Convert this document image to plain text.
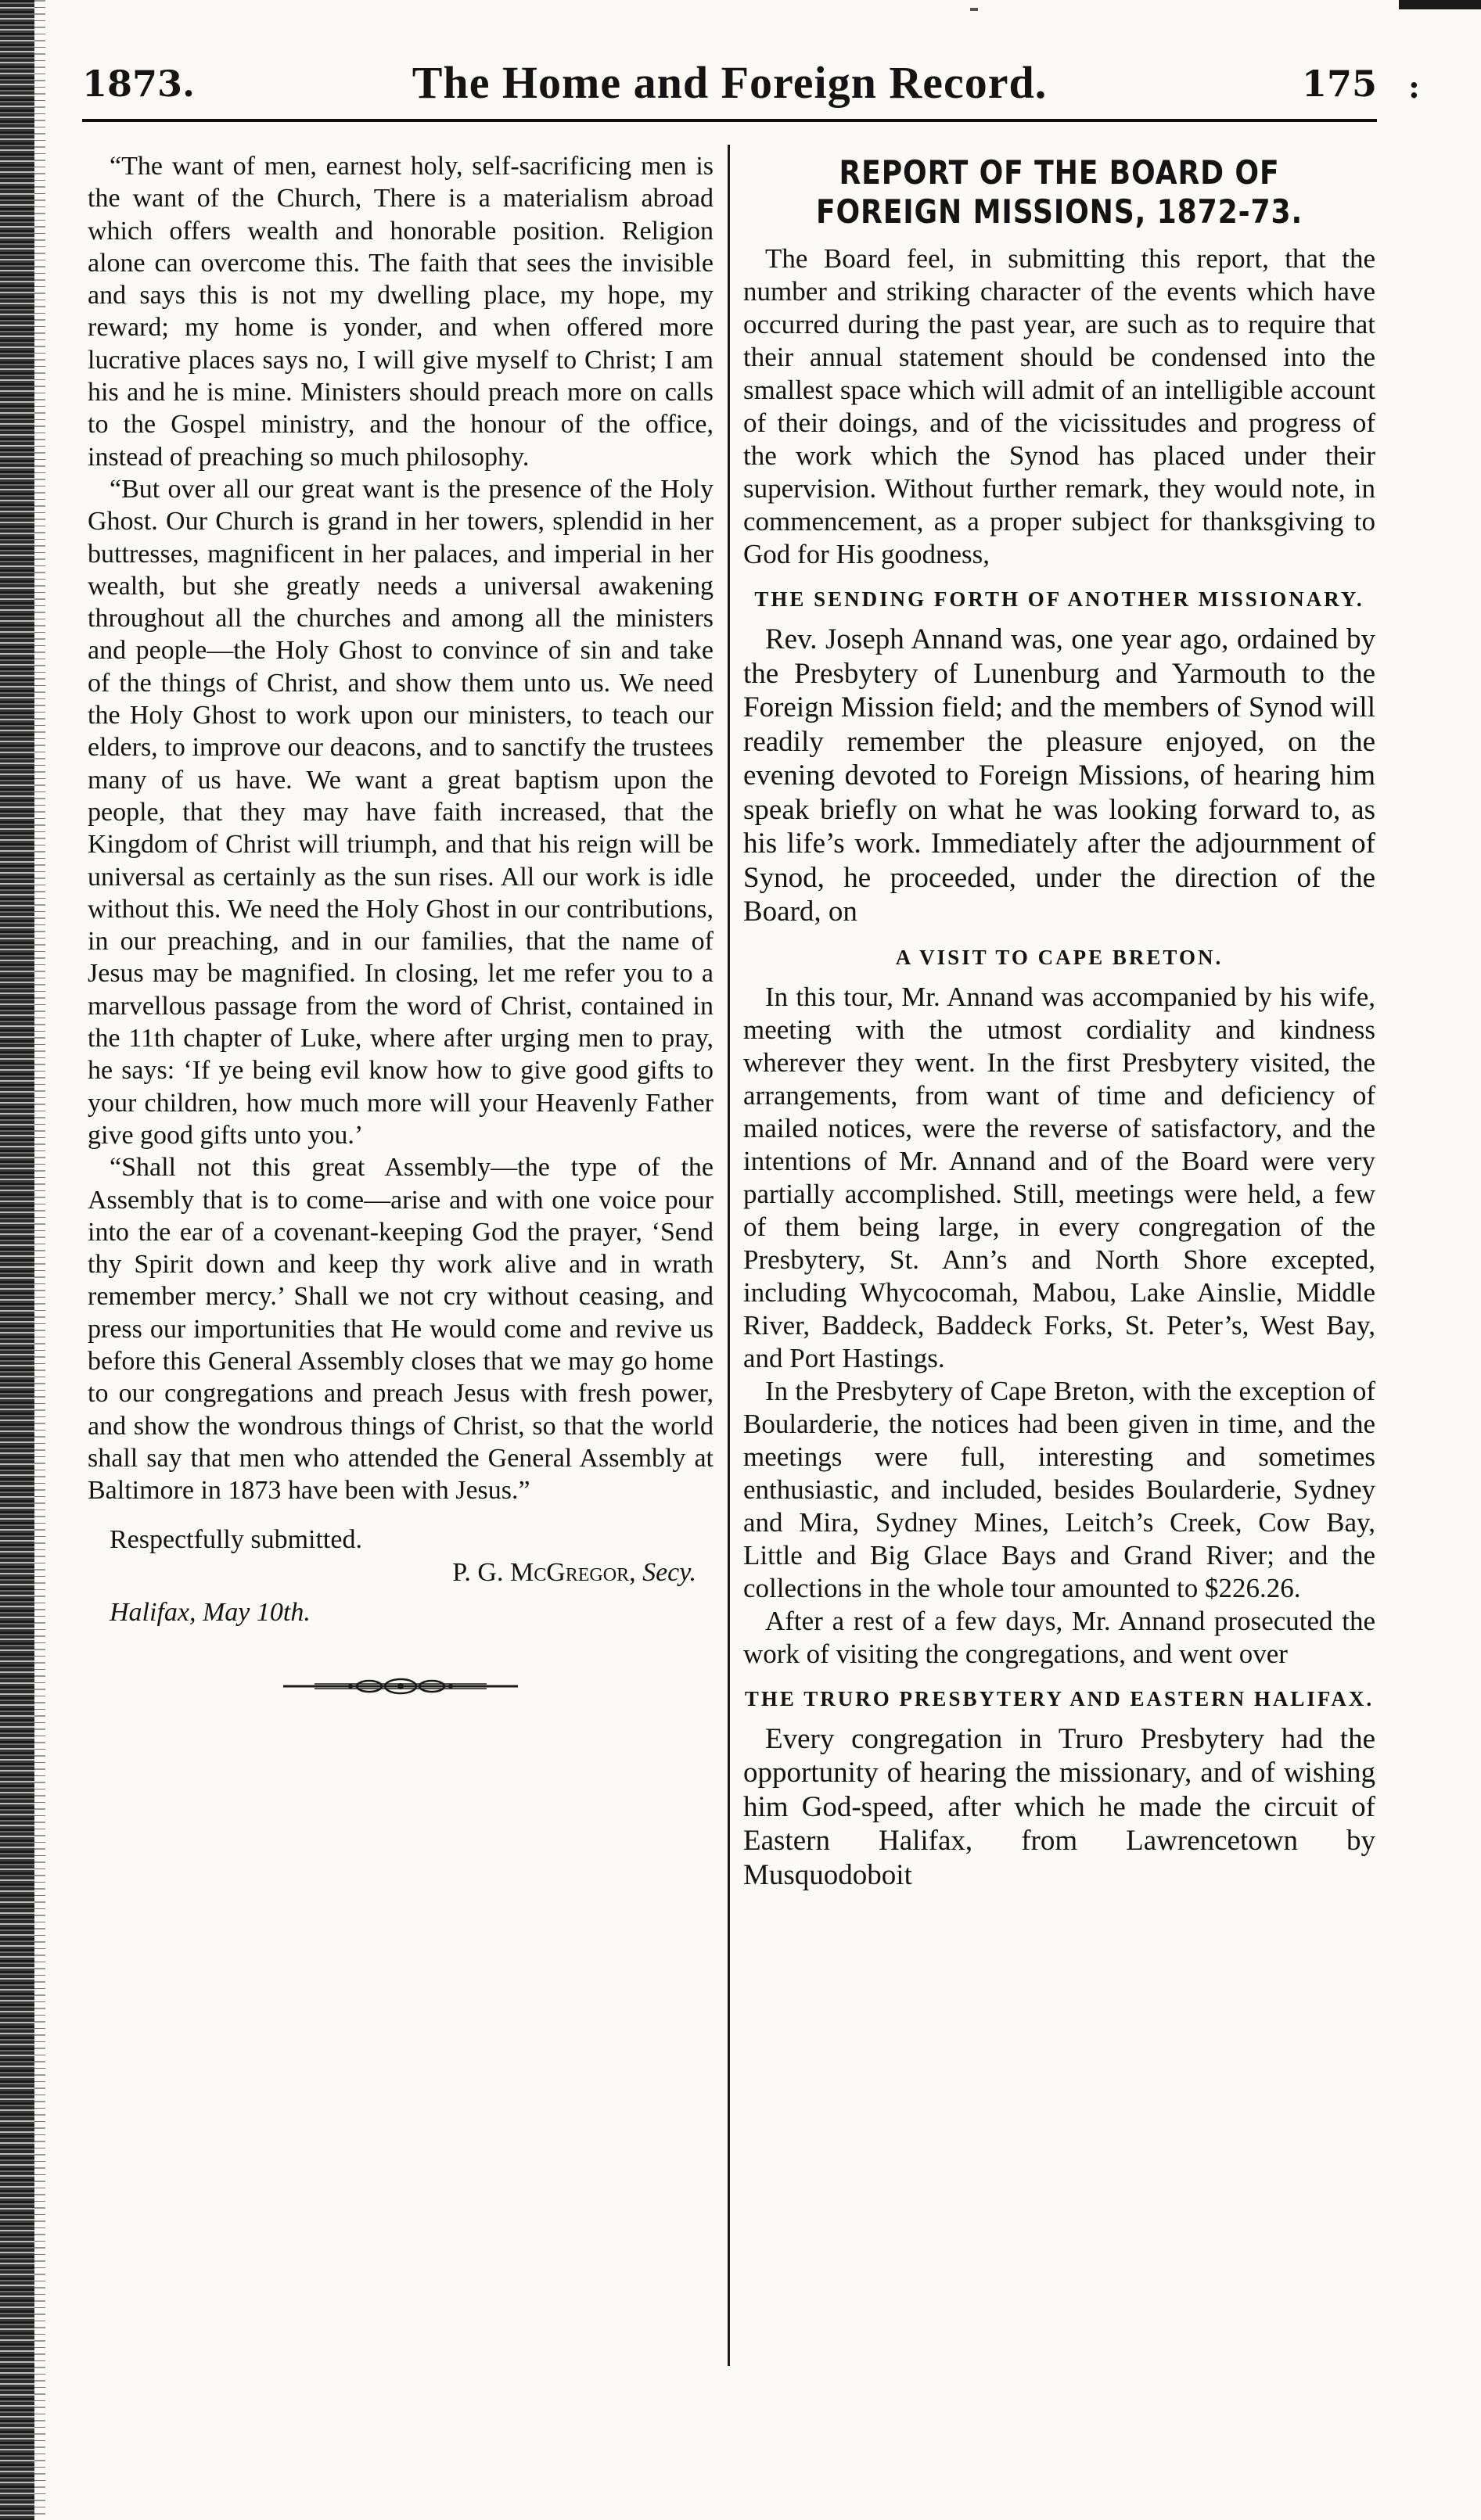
1873.	The Home and Foreign Record.	175 :

“The want of men, earnest holy, self-sacrificing men is the want of the Church, There is a materialism abroad which offers wealth and honorable position. Religion alone can overcome this. The faith that sees the invisible and says this is not my dwelling place, my hope, my reward; my home is yonder, and when offered more lucrative places says no, I will give myself to Christ; I am his and he is mine. Ministers should preach more on calls to the Gospel ministry, and the honour of the office, instead of preaching so much philosophy.

“But over all our great want is the presence of the Holy Ghost. Our Church is grand in her towers, splendid in her buttresses, magnificent in her palaces, and imperial in her wealth, but she greatly needs a universal awakening throughout all the churches and among all the ministers and people—the Holy Ghost to convince of sin and take of the things of Christ, and show them unto us. We need the Holy Ghost to work upon our ministers, to teach our elders, to improve our deacons, and to sanctify the trustees many of us have. We want a great baptism upon the people, that they may have faith increased, that the Kingdom of Christ will triumph, and that his reign will be universal as certainly as the sun rises. All our work is idle without this. We need the Holy Ghost in our contributions, in our preaching, and in our families, that the name of Jesus may be magnified. In closing, let me refer you to a marvellous passage from the word of Christ, contained in the 11th chapter of Luke, where after urging men to pray, he says: ‘If ye being evil know how to give good gifts to your children, how much more will your Heavenly Father give good gifts unto you.’

“Shall not this great Assembly—the type of the Assembly that is to come—arise and with one voice pour into the ear of a covenant-keeping God the prayer, ‘Send thy Spirit down and keep thy work alive and in wrath remember mercy.’ Shall we not cry without ceasing, and press our importunities that He would come and revive us before this General Assembly closes that we may go home to our congregations and preach Jesus with fresh power, and show the wondrous things of Christ, so that the world shall say that men who attended the General Assembly at Baltimore in 1873 have been with Jesus.”

Respectfully submitted.

P. G. McGregor, Secy.
Halifax, May 10th.
REPORT OF THE BOARD OF FOREIGN MISSIONS, 1872-73.

The Board feel, in submitting this report, that the number and striking character of the events which have occurred during the past year, are such as to require that their annual statement should be condensed into the smallest space which will admit of an intelligible account of their doings, and of the vicissitudes and progress of the work which the Synod has placed under their supervision. Without further remark, they would note, in commencement, as a proper subject for thanksgiving to God for His goodness,

THE SENDING FORTH OF ANOTHER MISSIONARY.

Rev. Joseph Annand was, one year ago, ordained by the Presbytery of Lunenburg and Yarmouth to the Foreign Mission field; and the members of Synod will readily remember the pleasure enjoyed, on the evening devoted to Foreign Missions, of hearing him speak briefly on what he was looking forward to, as his life’s work. Immediately after the adjournment of Synod, he proceeded, under the direction of the Board, on

A VISIT TO CAPE BRETON.

In this tour, Mr. Annand was accompanied by his wife, meeting with the utmost cordiality and kindness wherever they went. In the first Presbytery visited, the arrangements, from want of time and deficiency of mailed notices, were the reverse of satisfactory, and the intentions of Mr. Annand and of the Board were very partially accomplished. Still, meetings were held, a few of them being large, in every congregation of the Presbytery, St. Ann’s and North Shore excepted, including Whycocomah, Mabou, Lake Ainslie, Middle River, Baddeck, Baddeck Forks, St. Peter’s, West Bay, and Port Hastings.

In the Presbytery of Cape Breton, with the exception of Boularderie, the notices had been given in time, and the meetings were full, interesting and sometimes enthusiastic, and included, besides Boularderie, Sydney and Mira, Sydney Mines, Leitch’s Creek, Cow Bay, Little and Big Glace Bays and Grand River; and the collections in the whole tour amounted to $226.26.

After a rest of a few days, Mr. Annand prosecuted the work of visiting the congregations, and went over

THE TRURO PRESBYTERY AND EASTERN HALIFAX.

Every congregation in Truro Presbytery had the opportunity of hearing the missionary, and of wishing him God-speed, after which he made the circuit of Eastern Halifax, from Lawrencetown by Musquodoboit
